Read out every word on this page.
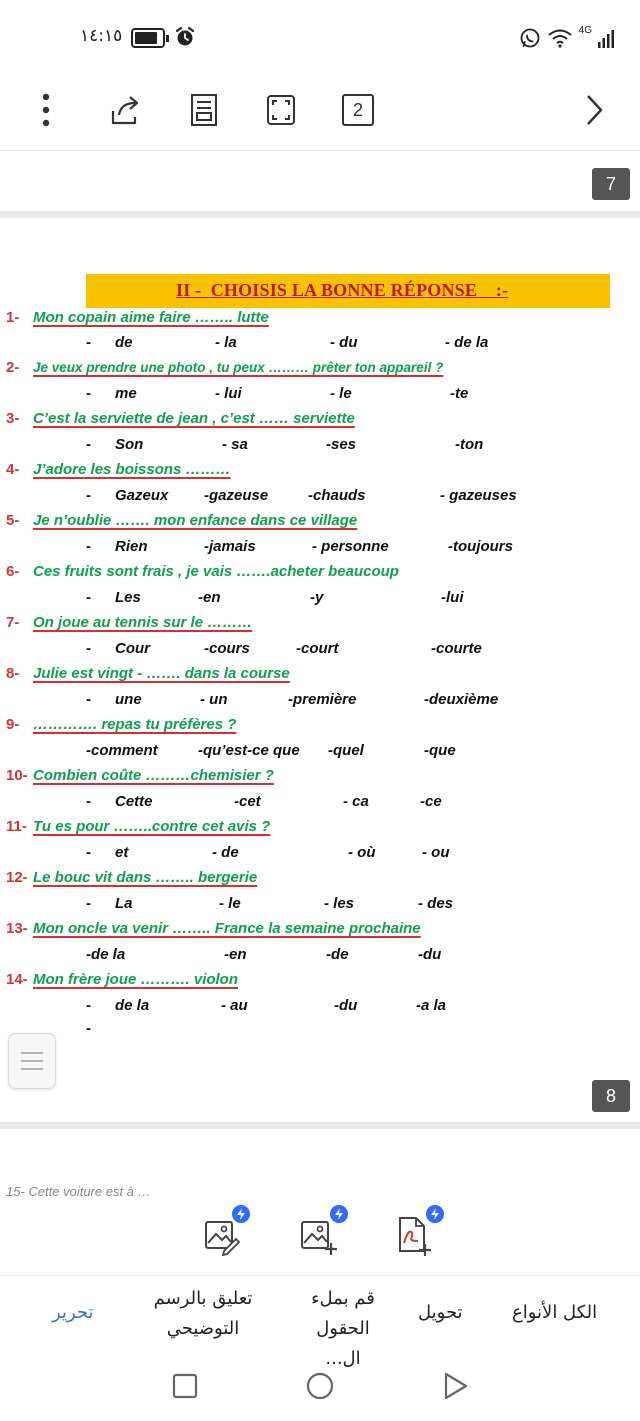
١٤:١٥	4G
2
7
II -  CHOISIS LA BONNE RÉPONSE    :-
1- Mon copain aime faire …….. lutte
- de	- la	- du	- de la
2- Je veux prendre une photo , tu peux ……… prêter ton appareil ?
- me	- lui	- le	-te
3- C’est la serviette de jean , c’est …… serviette
- Son	- sa	-ses	-ton
4- J’adore les boissons ………
- Gazeux -gazeuse	-chauds	- gazeuses
5- Je n’oublie ……. mon enfance dans ce village
- Rien	-jamais	- personne	-toujours
6- Ces fruits sont frais , je vais …….acheter beaucoup
- Les	-en	-y	-lui
7- On joue au tennis sur le ………
- Cour	-cours	-court	-courte
8- Julie est vingt - ……. dans la course
- une	- un	-première	-deuxième
9- …………. repas tu préfères ?
-comment	-qu’est-ce que -quel	-que
10- Combien coûte ………chemisier ?
- Cette	-cet	- ca	-ce
11- Tu es pour ……..contre cet avis ?
- et	- de	- où	- ou
12- Le bouc vit dans …….. bergerie
- La	- le	- les	- des
13- Mon oncle va venir …….. France la semaine prochaine
-de la	-en	-de	-du
14- Mon frère joue ………. violon
- de la	- au	-du	-a la
-
8
15- Cette voiture est à …
الكل الأنواع
تحويل
قم بملء
الحقول ال...
تعليق بالرسم
التوضيحي
تحرير
